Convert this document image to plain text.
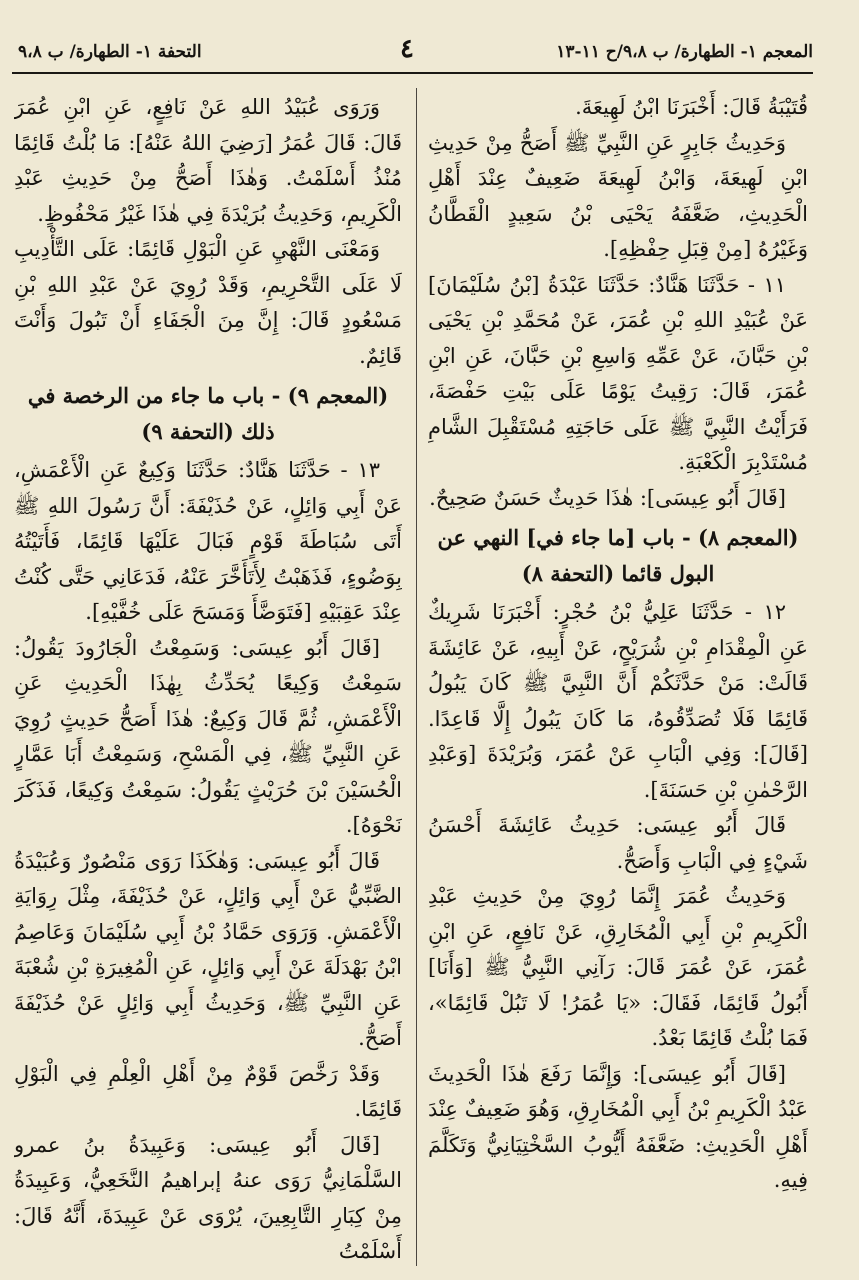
المعجم ١- الطهارة/ ب ٩،٨/ح ١١-١٣
٤
التحفة ١- الطهارة/ ب ٩،٨

قُتَيْبَةُ قَالَ: أَخْبَرَنَا ابْنُ لَهِيعَةَ.

وَحَدِيثُ جَابِرٍ عَنِ النَّبِيِّ ﷺ أَصَحُّ مِنْ حَدِيثِ ابْنِ لَهِيعَةَ، وَابْنُ لَهِيعَةَ ضَعِيفٌ عِنْدَ أَهْلِ الْحَدِيثِ، ضَعَّفَهُ يَحْيَى بْنُ سَعِيدٍ الْقَطَّانُ وَغَيْرُهُ [مِنْ قِبَلِ حِفْظِهِ].

١١ - حَدَّثَنَا هَنَّادٌ: حَدَّثَنَا عَبْدَةُ [بْنُ سُلَيْمَانَ] عَنْ عُبَيْدِ اللهِ بْنِ عُمَرَ، عَنْ مُحَمَّدِ بْنِ يَحْيَى بْنِ حَبَّانَ، عَنْ عَمِّهِ وَاسِعِ بْنِ حَبَّانَ، عَنِ ابْنِ عُمَرَ، قَالَ: رَقِيتُ يَوْمًا عَلَى بَيْتِ حَفْصَةَ، فَرَأَيْتُ النَّبِيَّ ﷺ عَلَى حَاجَتِهِ مُسْتَقْبِلَ الشَّامِ مُسْتَدْبِرَ الْكَعْبَةِ.

[قَالَ أَبُو عِيسَى]: هٰذَا حَدِيثٌ حَسَنٌ صَحِيحٌ.

(المعجم ٨) - باب [ما جاء في] النهي عن البول قائما (التحفة ٨)

١٢ - حَدَّثَنَا عَلِيُّ بْنُ حُجْرٍ: أَخْبَرَنَا شَرِيكٌ عَنِ الْمِقْدَامِ بْنِ شُرَيْحٍ، عَنْ أَبِيهِ، عَنْ عَائِشَةَ قَالَتْ: مَنْ حَدَّثَكُمْ أَنَّ النَّبِيَّ ﷺ كَانَ يَبُولُ قَائِمًا فَلَا تُصَدِّقُوهُ، مَا كَانَ يَبُولُ إِلَّا قَاعِدًا. [قَالَ]: وَفِي الْبَابِ عَنْ عُمَرَ، وَبُرَيْدَةَ [وَعَبْدِ الرَّحْمٰنِ بْنِ حَسَنَةَ].

قَالَ أَبُو عِيسَى: حَدِيثُ عَائِشَةَ أَحْسَنُ شَيْءٍ فِي الْبَابِ وَأَصَحُّ.

وَحَدِيثُ عُمَرَ إِنَّمَا رُوِيَ مِنْ حَدِيثِ عَبْدِ الْكَرِيمِ بْنِ أَبِي الْمُخَارِقِ، عَنْ نَافِعٍ، عَنِ ابْنِ عُمَرَ، عَنْ عُمَرَ قَالَ: رَآنِي النَّبِيُّ ﷺ [وَأَنَا] أَبُولُ قَائِمًا، فَقَالَ: «يَا عُمَرُ! لَا تَبُلْ قَائِمًا»، فَمَا بُلْتُ قَائِمًا بَعْدُ.

[قَالَ أَبُو عِيسَى]: وَإِنَّمَا رَفَعَ هٰذَا الْحَدِيثَ عَبْدُ الْكَرِيمِ بْنُ أَبِي الْمُخَارِقِ، وَهُوَ ضَعِيفٌ عِنْدَ أَهْلِ الْحَدِيثِ: ضَعَّفَهُ أَيُّوبُ السَّخْتِيَانِيُّ وَتَكَلَّمَ فِيهِ.

وَرَوَى عُبَيْدُ اللهِ عَنْ نَافِعٍ، عَنِ ابْنِ عُمَرَ قَالَ: قَالَ عُمَرُ [رَضِيَ اللهُ عَنْهُ]: مَا بُلْتُ قَائِمًا مُنْذُ أَسْلَمْتُ. وَهٰذَا أَصَحُّ مِنْ حَدِيثِ عَبْدِ الْكَرِيمِ، وَحَدِيثُ بُرَيْدَةَ فِي هٰذَا غَيْرُ مَحْفُوظٍ.

وَمَعْنَى النَّهْيِ عَنِ الْبَوْلِ قَائِمًا: عَلَى التَّأْدِيبِ لَا عَلَى التَّحْرِيمِ، وَقَدْ رُوِيَ عَنْ عَبْدِ اللهِ بْنِ مَسْعُودٍ قَالَ: إِنَّ مِنَ الْجَفَاءِ أَنْ تَبُولَ وَأَنْتَ قَائِمٌ.

(المعجم ٩) - باب ما جاء من الرخصة في ذلك (التحفة ٩)

١٣ - حَدَّثَنَا هَنَّادٌ: حَدَّثَنَا وَكِيعٌ عَنِ الْأَعْمَشِ، عَنْ أَبِي وَائِلٍ، عَنْ حُذَيْفَةَ: أَنَّ رَسُولَ اللهِ ﷺ أَتَى سُبَاطَةَ قَوْمٍ فَبَالَ عَلَيْهَا قَائِمًا، فَأَتَيْتُهُ بِوَضُوءٍ، فَذَهَبْتُ لِأَتَأَخَّرَ عَنْهُ، فَدَعَانِي حَتَّى كُنْتُ عِنْدَ عَقِبَيْهِ [فَتَوَضَّأَ وَمَسَحَ عَلَى خُفَّيْهِ].

[قَالَ أَبُو عِيسَى: وَسَمِعْتُ الْجَارُودَ يَقُولُ: سَمِعْتُ وَكِيعًا يُحَدِّثُ بِهٰذَا الْحَدِيثِ عَنِ الْأَعْمَشِ، ثُمَّ قَالَ وَكِيعٌ: هٰذَا أَصَحُّ حَدِيثٍ رُوِيَ عَنِ النَّبِيِّ ﷺ، فِي الْمَسْحِ، وَسَمِعْتُ أَبَا عَمَّارٍ الْحُسَيْنَ بْنَ حُرَيْثٍ يَقُولُ: سَمِعْتُ وَكِيعًا، فَذَكَرَ نَحْوَهُ].

قَالَ أَبُو عِيسَى: وَهٰكَذَا رَوَى مَنْصُورٌ وَعُبَيْدَةُ الضَّبِّيُّ عَنْ أَبِي وَائِلٍ، عَنْ حُذَيْفَةَ، مِثْلَ رِوَايَةِ الْأَعْمَشِ. وَرَوَى حَمَّادُ بْنُ أَبِي سُلَيْمَانَ وَعَاصِمُ ابْنُ بَهْدَلَةَ عَنْ أَبِي وَائِلٍ، عَنِ الْمُغِيرَةِ بْنِ شُعْبَةَ عَنِ النَّبِيِّ ﷺ، وَحَدِيثُ أَبِي وَائِلٍ عَنْ حُذَيْفَةَ أَصَحُّ.

وَقَدْ رَخَّصَ قَوْمٌ مِنْ أَهْلِ الْعِلْمِ فِي الْبَوْلِ قَائِمًا.

[قَالَ أَبُو عِيسَى: وَعَبِيدَةُ بنُ عمرو السَّلْمَانِيُّ رَوَى عنهُ إبراهيمُ النَّخَعِيُّ، وَعَبِيدَةُ مِنْ كِبَارِ التَّابِعِينَ، يُرْوَى عَنْ عَبِيدَةَ، أَنَّهُ قَالَ: أَسْلَمْتُ
